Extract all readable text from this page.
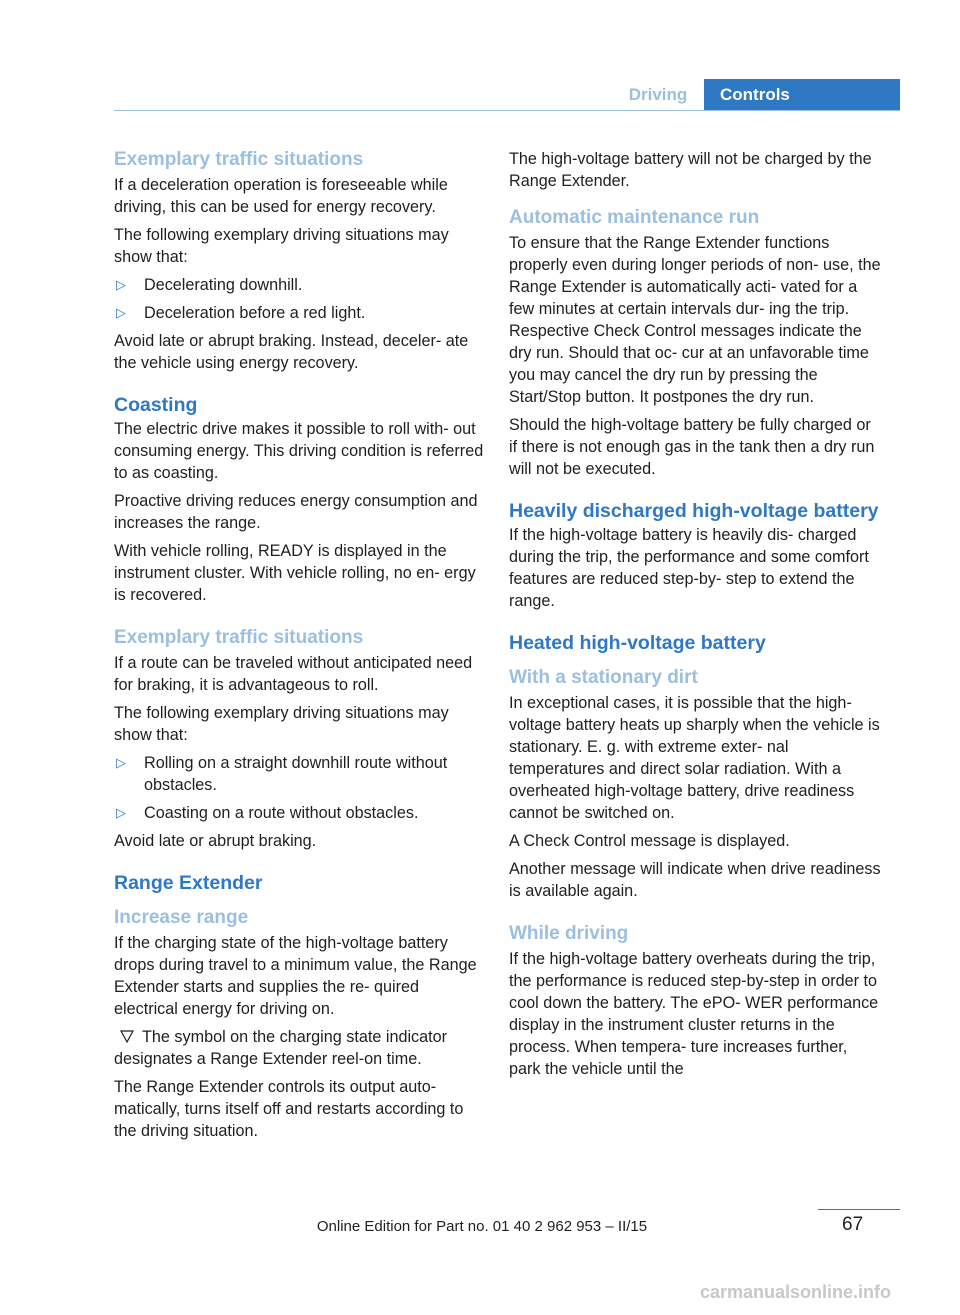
Driving	Controls
Exemplary traffic situations

If a deceleration operation is foreseeable while driving, this can be used for energy recovery.

The following exemplary driving situations may show that:

▷ Decelerating downhill.
▷ Deceleration before a red light.

Avoid late or abrupt braking. Instead, deceler‐ ate the vehicle using energy recovery.

Coasting

The electric drive makes it possible to roll with‐ out consuming energy. This driving condition is referred to as coasting.

Proactive driving reduces energy consumption and increases the range.

With vehicle rolling, READY is displayed in the instrument cluster. With vehicle rolling, no en‐ ergy is recovered.

Exemplary traffic situations

If a route can be traveled without anticipated need for braking, it is advantageous to roll.

The following exemplary driving situations may show that:

▷ Rolling on a straight downhill route without obstacles.
▷ Coasting on a route without obstacles.

Avoid late or abrupt braking.

Range Extender
Increase range

If the charging state of the high-voltage battery drops during travel to a minimum value, the Range Extender starts and supplies the re‐ quired electrical energy for driving on.

The symbol on the charging state indicator designates a Range Extender reel-on time.

The Range Extender controls its output auto‐ matically, turns itself off and restarts according to the driving situation.

The high-voltage battery will not be charged by the Range Extender.

Automatic maintenance run

To ensure that the Range Extender functions properly even during longer periods of non‐ use, the Range Extender is automatically acti‐ vated for a few minutes at certain intervals dur‐ ing the trip. Respective Check Control messages indicate the dry run. Should that oc‐ cur at an unfavorable time you may cancel the dry run by pressing the Start/Stop button. It postpones the dry run.

Should the high-voltage battery be fully charged or if there is not enough gas in the tank then a dry run will not be executed.

Heavily discharged high-voltage battery

If the high-voltage battery is heavily dis‐ charged during the trip, the performance and some comfort features are reduced step-by- step to extend the range.

Heated high-voltage battery
With a stationary dirt

In exceptional cases, it is possible that the high-voltage battery heats up sharply when the vehicle is stationary. E. g. with extreme exter‐ nal temperatures and direct solar radiation. With a overheated high-voltage battery, drive readiness cannot be switched on.

A Check Control message is displayed.

Another message will indicate when drive readiness is available again.

While driving

If the high-voltage battery overheats during the trip, the performance is reduced step-by-step in order to cool down the battery. The ePO‐ WER performance display in the instrument cluster returns in the process. When tempera‐ ture increases further, park the vehicle until the

Online Edition for Part no. 01 40 2 962 953 – II/15	67
carmanualsonline.info
